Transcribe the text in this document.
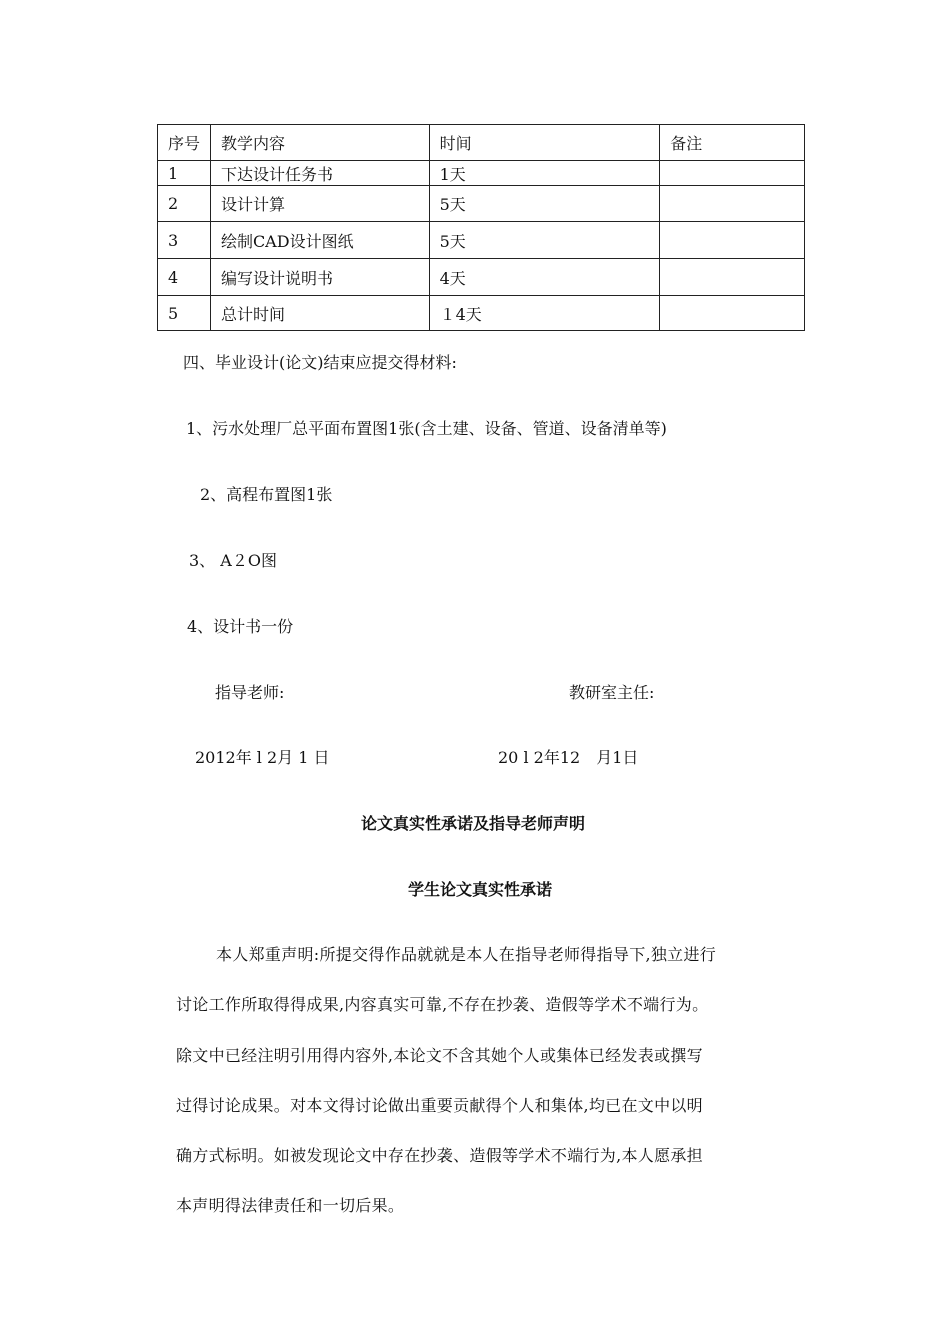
序号	教学内容	时间	备注
1	下达设计任务书	1天	
2	设计计算	5天	
3	绘制CAD设计图纸	5天	
4	编写设计说明书	4天	
5	总计时间	１4天	
四、毕业设计(论文)结束应提交得材料:
1、污水处理厂总平面布置图1张(含土建、设备、管道、设备清单等)
2、高程布置图1张
3、 A２O图
4、设计书一份
指导老师:	教研室主任:
2012年 l 2月 1 日	20 l 2年12　月1日
论文真实性承诺及指导老师声明
学生论文真实性承诺
本人郑重声明:所提交得作品就就是本人在指导老师得指导下,独立进行
讨论工作所取得得成果,内容真实可靠,不存在抄袭、造假等学术不端行为。
除文中已经注明引用得内容外,本论文不含其她个人或集体已经发表或撰写
过得讨论成果。对本文得讨论做出重要贡献得个人和集体,均已在文中以明
确方式标明。如被发现论文中存在抄袭、造假等学术不端行为,本人愿承担
本声明得法律责任和一切后果。
